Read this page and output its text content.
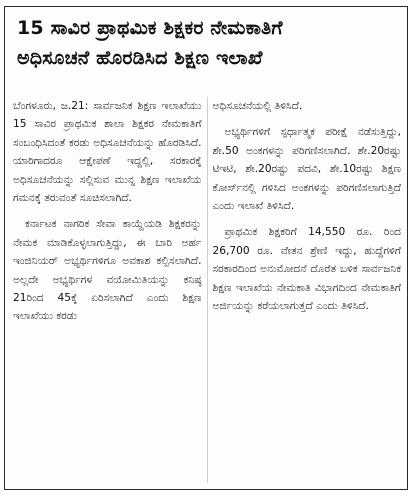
15 ಸಾವಿರ ಪ್ರಾಥಮಿಕ ಶಿಕ್ಷಕರ ನೇಮಕಾತಿಗೆ
ಅಧಿಸೂಚನೆ ಹೊರಡಿಸಿದ ಶಿಕ್ಷಣ ಇಲಾಖೆ

ಬೆಂಗಳೂರು, ಜ.21: ಸಾರ್ವಜನಿಕ ಶಿಕ್ಷಣ ಇಲಾಖೆಯು 15 ಸಾವಿರ ಪ್ರಾಥಮಿಕ ಶಾಲಾ ಶಿಕ್ಷಕರ ನೇಮಕಾತಿಗೆ ಸಂಬಂಧಿಸಿದಂತೆ ಕರಡು ಅಧಿಸೂಚನೆಯನ್ನು ಹೊರಡಿಸಿದೆ. ಯಾರಿಗಾದರೂ ಆಕ್ಷೇಪಣೆ ಇದ್ದಲ್ಲಿ, ಸರಕಾರಕ್ಕೆ ಅಧಿಸೂಚನೆಯನ್ನು ಸಲ್ಲಿಸುವ ಮುನ್ನ ಶಿಕ್ಷಣ ಇಲಾಖೆಯ ಗಮನಕ್ಕೆ ತರುವಂತೆ ಸೂಚಿಸಲಾಗಿದೆ.

ಕರ್ನಾಟಕ ನಾಗರಿಕ ಸೇವಾ ಕಾಯ್ದೆಯಡಿ ಶಿಕ್ಷಕರನ್ನು ನೇಮಕ ಮಾಡಿಕೊಳ್ಳಲಾಗುತ್ತಿದ್ದು, ಈ ಬಾರಿ ಅರ್ಹ ಇಂಜಿನಿಯರ್ ಅಭ್ಯರ್ಥಿಗಳಿಗೂ ಅವಕಾಶ ಕಲ್ಪಿಸಲಾಗಿದೆ. ಅಲ್ಲದೇ ಅಭ್ಯರ್ಥಿಗಳ ವಯೋಮಿತಿಯನ್ನು ಕನಿಷ್ಠ 21ರಿಂದ 45ಕ್ಕೆ ಏರಿಸಲಾಗಿದೆ ಎಂದು ಶಿಕ್ಷಣ ಇಲಾಖೆಯು ಕರಡು

ಅಧಿಸೂಚನೆಯಲ್ಲಿ ತಿಳಿಸಿದೆ.

ಅಭ್ಯರ್ಥಿಗಳಿಗೆ ಸ್ಪರ್ಧಾತ್ಮಕ ಪರೀಕ್ಷೆ ನಡೆಸುತ್ತಿದ್ದು, ಶೇ.50 ಅಂಕಗಳನ್ನು ಪರಿಗಣಿಸಲಾಗಿದೆ. ಶೇ.20ರಷ್ಟು ಟಿಇಟಿ, ಶೇ.20ರಷ್ಟು ಪದವಿ, ಶೇ.10ರಷ್ಟು ಶಿಕ್ಷಣ ಕೋರ್ಸ್‌ನಲ್ಲಿ ಗಳಿಸಿದ ಅಂಕಗಳನ್ನು ಪರಿಗಣಿಸಲಾಗುತ್ತಿದೆ ಎಂದು ಇಲಾಖೆ ತಿಳಿಸಿದೆ.

ಪ್ರಾಥಮಿಕ ಶಿಕ್ಷಕರಿಗೆ 14,550 ರೂ. ರಿಂದ 26,700 ರೂ. ವೇತನ ಶ್ರೇಣಿ ಇದ್ದು, ಹುದ್ದೆಗಳಿಗೆ ಸರಕಾರದಿಂದ ಅನುಮೋದನೆ ದೊರೆತ ಬಳಿಕ ಸಾರ್ವಜನಿಕ ಶಿಕ್ಷಣ ಇಲಾಖೆಯ ನೇಮಕಾತಿ ವಿಭಾಗದಿಂದ ನೇಮಕಾತಿಗೆ ಅರ್ಜಿಯನ್ನು ಕರೆಯಲಾಗುತ್ತದೆ ಎಂದು ತಿಳಿಸಿದೆ.
